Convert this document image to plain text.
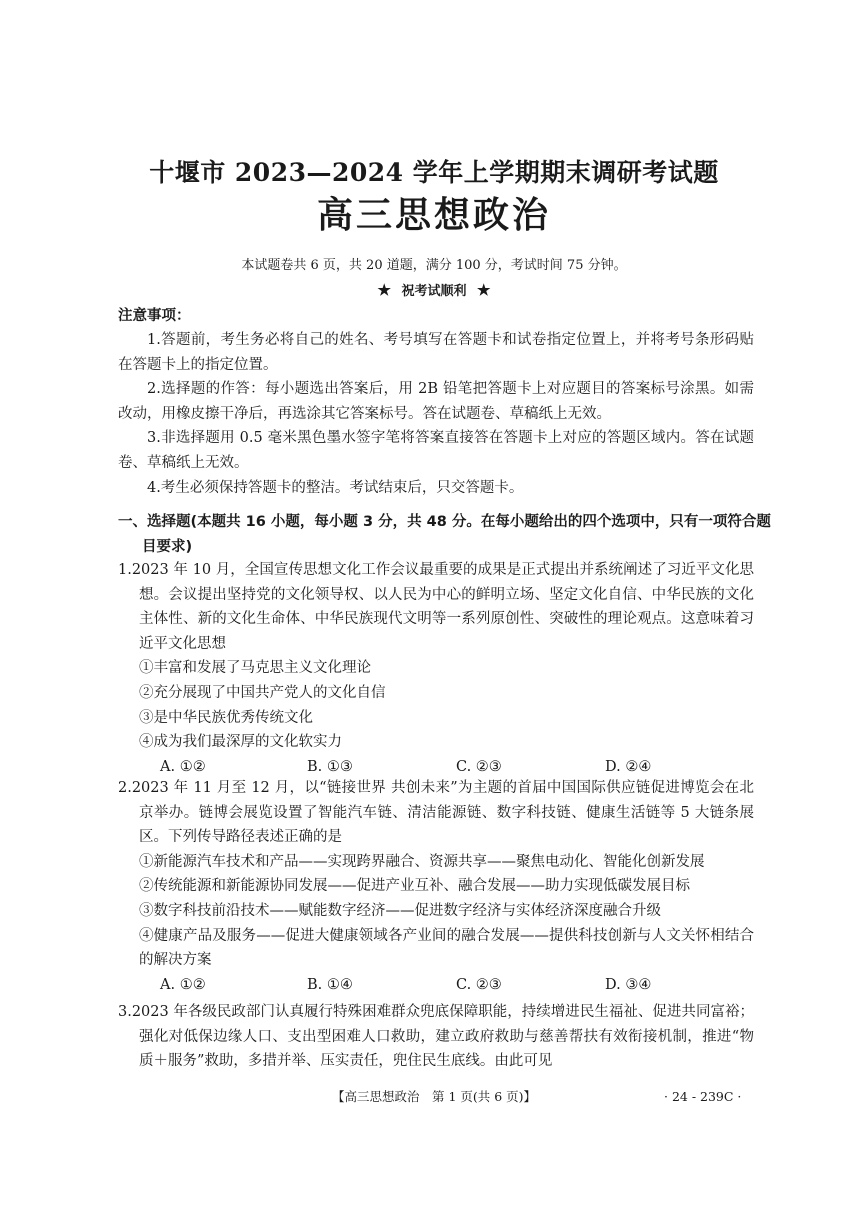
十堰市 2023—2024 学年上学期期末调研考试题
高三思想政治
本试题卷共 6 页，共 20 道题，满分 100 分，考试时间 75 分钟。
★ 祝考试顺利 ★
注意事项：

1.答题前，考生务必将自己的姓名、考号填写在答题卡和试卷指定位置上，并将考号条形码贴在答题卡上的指定位置。

2.选择题的作答：每小题选出答案后，用 2B 铅笔把答题卡上对应题目的答案标号涂黑。如需改动，用橡皮擦干净后，再选涂其它答案标号。答在试题卷、草稿纸上无效。

3.非选择题用 0.5 毫米黑色墨水签字笔将答案直接答在答题卡上对应的答题区域内。答在试题卷、草稿纸上无效。

4.考生必须保持答题卡的整洁。考试结束后，只交答题卡。

一、选择题(本题共 16 小题，每小题 3 分，共 48 分。在每小题给出的四个选项中，只有一项符合题目要求)
1.2023 年 10 月，全国宣传思想文化工作会议最重要的成果是正式提出并系统阐述了习近平文化思想。会议提出坚持党的文化领导权、以人民为中心的鲜明立场、坚定文化自信、中华民族的文化主体性、新的文化生命体、中华民族现代文明等一系列原创性、突破性的理论观点。这意味着习近平文化思想
①丰富和发展了马克思主义文化理论
②充分展现了中国共产党人的文化自信
③是中华民族优秀传统文化
④成为我们最深厚的文化软实力
A. ①②	B. ①③	C. ②③	D. ②④
2.2023 年 11 月至 12 月，以“链接世界 共创未来”为主题的首届中国国际供应链促进博览会在北京举办。链博会展览设置了智能汽车链、清洁能源链、数字科技链、健康生活链等 5 大链条展区。下列传导路径表述正确的是
①新能源汽车技术和产品——实现跨界融合、资源共享——聚焦电动化、智能化创新发展
②传统能源和新能源协同发展——促进产业互补、融合发展——助力实现低碳发展目标
③数字科技前沿技术——赋能数字经济——促进数字经济与实体经济深度融合升级
④健康产品及服务——促进大健康领域各产业间的融合发展——提供科技创新与人文关怀相结合的解决方案
A. ①②	B. ①④	C. ②③	D. ③④
3.2023 年各级民政部门认真履行特殊困难群众兜底保障职能，持续增进民生福祉、促进共同富裕；强化对低保边缘人口、支出型困难人口救助，建立政府救助与慈善帮扶有效衔接机制，推进“物质＋服务”救助，多措并举、压实责任，兜住民生底线。由此可见
【高三思想政治　第 1 页(共 6 页)】	· 24 - 239C ·
